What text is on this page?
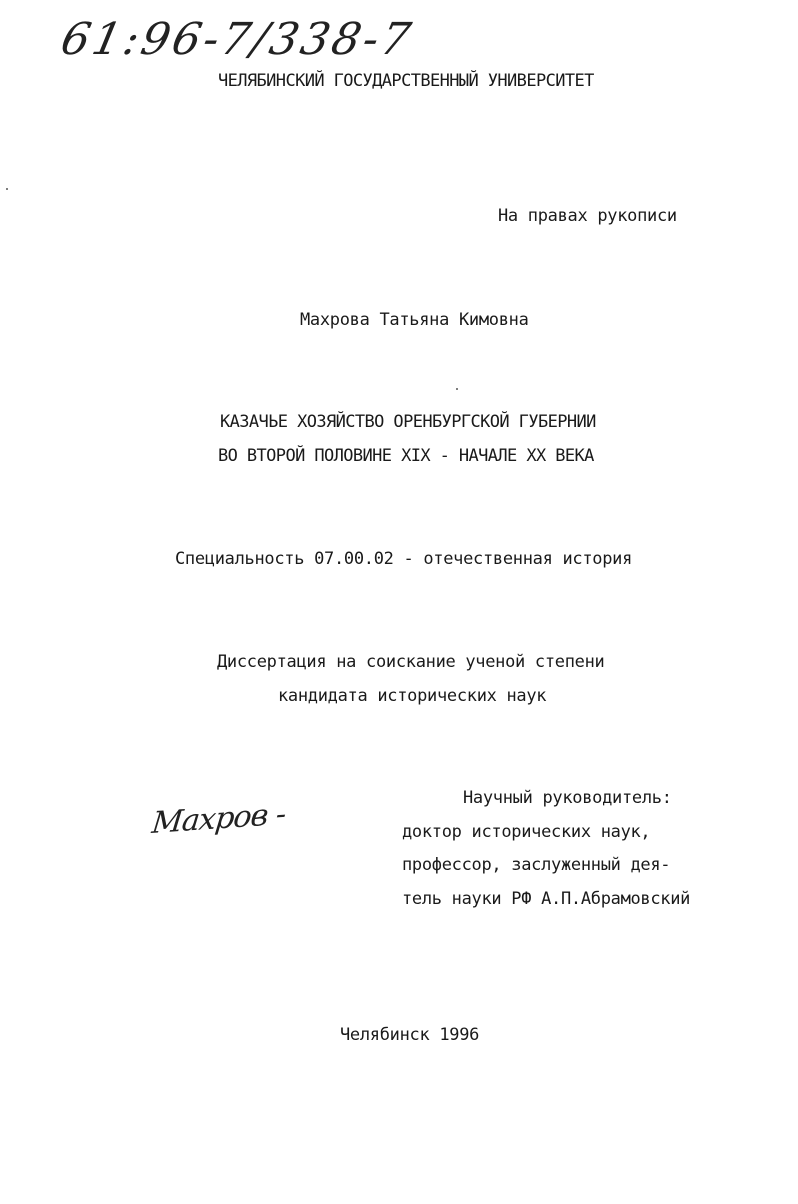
61:96-7/338-7
ЧЕЛЯБИНСКИЙ ГОСУДАРСТВЕННЫЙ УНИВЕРСИТЕТ
На правах рукописи
Махрова Татьяна Кимовна
КАЗАЧЬЕ ХОЗЯЙСТВО ОРЕНБУРГСКОЙ ГУБЕРНИИ
ВО ВТОРОЙ ПОЛОВИНЕ XIX - НАЧАЛЕ XX ВЕКА
Специальность 07.00.02 - отечественная история
Диссертация на соискание ученой степени
кандидата исторических наук
Научный руководитель:
доктор исторических наук,
профессор, заслуженный дея-
тель науки РФ А.П.Абрамовский
Махров -
Челябинск 1996
